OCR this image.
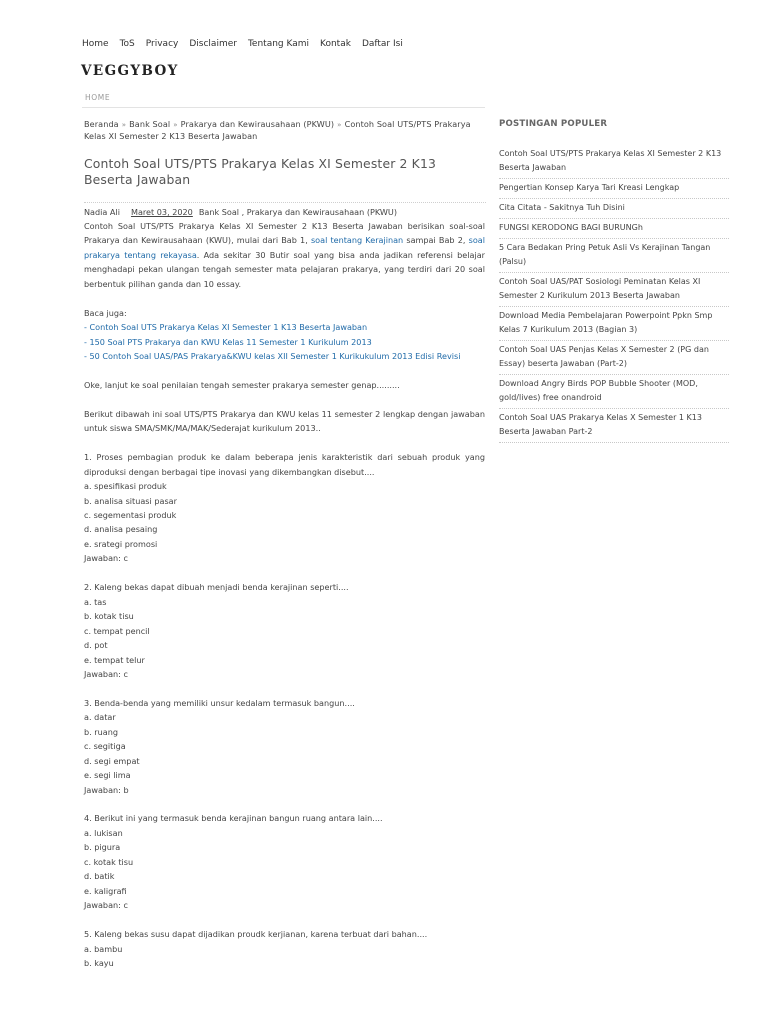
Home ToS Privacy Disclaimer Tentang Kami Kontak Daftar Isi
VEGGYBOY
HOME
Beranda » Bank Soal » Prakarya dan Kewirausahaan (PKWU) » Contoh Soal UTS/PTS Prakarya Kelas XI Semester 2 K13 Beserta Jawaban
Contoh Soal UTS/PTS Prakarya Kelas XI Semester 2 K13 Beserta Jawaban
Nadia Ali Maret 03, 2020 Bank Soal , Prakarya dan Kewirausahaan (PKWU)

Contoh Soal UTS/PTS Prakarya Kelas XI Semester 2 K13 Beserta Jawaban berisikan soal-soal Prakarya dan Kewirausahaan (KWU), mulai dari Bab 1, soal tentang Kerajinan sampai Bab 2, soal prakarya tentang rekayasa. Ada sekitar 30 Butir soal yang bisa anda jadikan referensi belajar menghadapi pekan ulangan tengah semester mata pelajaran prakarya, yang terdiri dari 20 soal berbentuk pilihan ganda dan 10 essay.

Baca juga:

- Contoh Soal UTS Prakarya Kelas XI Semester 1 K13 Beserta Jawaban

- 150 Soal PTS Prakarya dan KWU Kelas 11 Semester 1 Kurikulum 2013

- 50 Contoh Soal UAS/PAS Prakarya&KWU kelas XII Semester 1 Kurikukulum 2013 Edisi Revisi

Oke, lanjut ke soal penilaian tengah semester prakarya semester genap.........

Berikut dibawah ini soal UTS/PTS Prakarya dan KWU kelas 11 semester 2 lengkap dengan jawaban untuk siswa SMA/SMK/MA/MAK/Sederajat kurikulum 2013..

1. Proses pembagian produk ke dalam beberapa jenis karakteristik dari sebuah produk yang diproduksi dengan berbagai tipe inovasi yang dikembangkan disebut....

a. spesifikasi produk

b. analisa situasi pasar

c. segementasi produk

d. analisa pesaing

e. srategi promosi

Jawaban: c

2. Kaleng bekas dapat dibuah menjadi benda kerajinan seperti....

a. tas

b. kotak tisu

c. tempat pencil

d. pot

e. tempat telur

Jawaban: c

3. Benda-benda yang memiliki unsur kedalam termasuk bangun....

a. datar

b. ruang

c. segitiga

d. segi empat

e. segi lima

Jawaban: b

4. Berikut ini yang termasuk benda kerajinan bangun ruang antara lain....

a. lukisan

b. pigura

c. kotak tisu

d. batik

e. kaligrafi

Jawaban: c

5. Kaleng bekas susu dapat dijadikan proudk kerjianan, karena terbuat dari bahan....

a. bambu

b. kayu

POSTINGAN POPULER
Contoh Soal UTS/PTS Prakarya Kelas XI Semester 2 K13 Beserta Jawaban
Pengertian Konsep Karya Tari Kreasi Lengkap
Cita Citata - Sakitnya Tuh Disini
FUNGSI KERODONG BAGI BURUNGh
5 Cara Bedakan Pring Petuk Asli Vs Kerajinan Tangan (Palsu)
Contoh Soal UAS/PAT Sosiologi Peminatan Kelas XI Semester 2 Kurikulum 2013 Beserta Jawaban
Download Media Pembelajaran Powerpoint Ppkn Smp Kelas 7 Kurikulum 2013 (Bagian 3)
Contoh Soal UAS Penjas Kelas X Semester 2 (PG dan Essay) beserta Jawaban (Part-2)
Download Angry Birds POP Bubble Shooter (MOD, gold/lives) free onandroid
Contoh Soal UAS Prakarya Kelas X Semester 1 K13 Beserta Jawaban Part-2
